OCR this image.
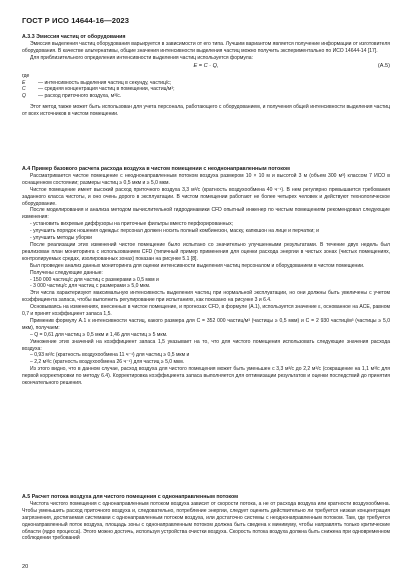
ГОСТ Р ИСО 14644-16—2023

A.3.3 Эмиссия частиц от оборудования

Эмиссия выделения частиц оборудования варьируется в зависимости от его типа. Лучшим вариантом является получение информации от изготовителя оборудования. В качестве альтернативы, общие значения интенсивности выделения частиц можно получить экспериментально по ИСО 14644-14 [17].

Для приблизительного определения интенсивности выделения частиц используется формула:

E = C · Q,	(A.5)
где
E	— интенсивность выделения частиц в секунду, частиц/с;
C	— средняя концентрация частиц в помещении, частиц/м³;
Q	— расход приточного воздуха, м³/с.

Этот метод также может быть использован для учета персонала, работающего с оборудованием, и получения общей интенсивности выделения частиц от всех источников в чистом помещении.

A.4 Пример базового расчета расхода воздуха в чистом помещении с неоднонаправленным потоком

Рассматривается чистое помещение с неоднонаправленным потоком воздуха размером 10 × 10 м и высотой 3 м (объем 300 м³) классом 7 ИСО в оснащенном состоянии; размеры частиц ≥ 0,5 мкм и ≥ 5,0 мкм.

Чистое помещение имеет высокий расход приточного воздуха 3,3 м³/с (кратность воздухообмена 40 ч⁻¹). В нем регулярно превышается требования заданного класса чистоты, и оно очень дорого в эксплуатации. В чистом помещении работают не более четырех человек и действуют технологическое оборудование.

После моделирования и анализа методом вычислительной гидродинамики CFD опытный инженер по чистым помещениям рекомендовал следующие изменения:

- установить вихревые диффузоры на приточные фильтры вместо перфорированных;

- улучшить порядок ношения одежды: персонал должен носить полный комбинезон, маску, капюшон на лице и перчатки; и

- улучшить методы уборки

После реализации этих изменений чистое помещение было испытано со значительно улучшенными результатами. В течение двух недель был реализован план мониторинга с использованием CFD (типичный пример применения для оценки расхода энергии в чистых зонах (чистых помещениях, контролируемых средах, изолированных зонах) показан на рисунке 5.1 [8].

Был проведен анализ данных мониторинга для оценки интенсивности выделения частиц персоналом и оборудованием в чистом помещении.

Получены следующие данные:

- 150 000 частиц/с для частиц с размерами ≥ 0,5 мкм и

- 3 000 частиц/с для частиц с размерами ≥ 5,0 мкм.

Эти числа характеризуют максимальную интенсивность выделения частиц при нормальной эксплуатации, но они должны быть увеличены с учетом коэффициента запаса, чтобы выполнить регулирование при испытаниях, как показано на рисунке 3 и 6.4.

Основываясь на изменениях, внесенных в чистое помещение, и прогнозах CFD, в формуле (A.1), используется значение ε, основанное на ACE, равном 0,7 и принят коэффициент запаса 1,5.

Применив формулу A.1 к интенсивности частиц, какого размера для C = 352 000 частиц/м³ (частицы ≥ 0,5 мкм) и C = 2 930 частиц/м³ (частицы ≥ 5,0 мкм), получаем:

– Q = 0,61 для частиц ≥ 0,5 мкм и 1,46 для частиц ≥ 5 мкм.

Умножение этих значений на коэффициент запаса 1,5 указывает на то, что для чистого помещения использовать следующие значения расхода воздуха:

– 0,93 м³/с (кратность воздухообмена 11 ч⁻¹) для частиц ≥ 0,5 мкм и

– 2,2 м³/с (кратность воздухообмена 26 ч⁻¹) для частиц ≥ 5,0 мкм.

Из этого видно, что в данном случае, расход воздуха для чистого помещения может быть уменьшен с 3,3 м³/с до 2,2 м³/с (сокращение на 1,1 м³/с для первой корректировки по методу 6.4). Корректировка коэффициента запаса выполняется для оптимизации результатов и оценки последствий до принятия окончательного решения.

A.5 Расчет потока воздуха для чистого помещения с однонаправленным потоком

Чистота чистого помещения с однонаправленным потоком воздуха зависит от скорости потока, а не от расхода воздуха или кратности воздухообмена. Чтобы уменьшить расход приточного воздуха и, следовательно, потребление энергии, следует оценить действительно ли требуется низкая концентрация загрязнения, достигаемая системами с однонаправленным потоком воздуха, или достаточно системы с неоднонаправленным потоком. Там, где требуется однонаправленный поток воздуха, площадь зоны с однонаправленным потоком должна быть сведена к минимуму, чтобы направлять только критические области (ядро процесса). Этого можно достичь, используя устройства очистки воздуха. Скорость потока воздуха должна быть снижена при одновременном соблюдении требований

20
